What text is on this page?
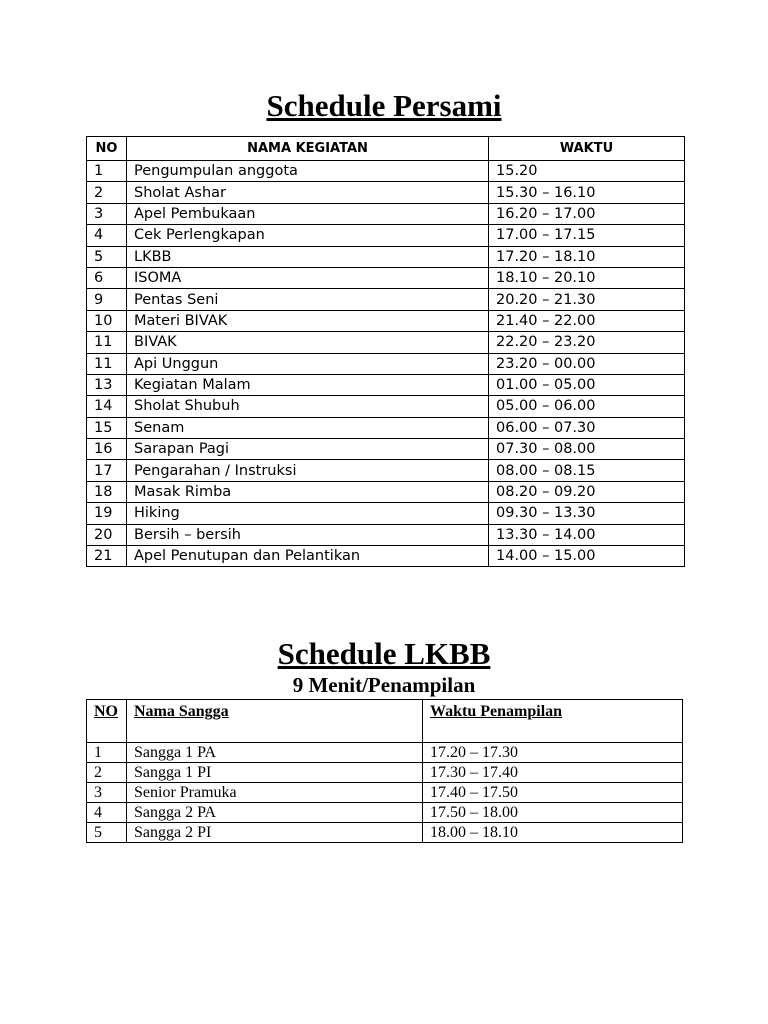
Schedule Persami
NO	NAMA KEGIATAN	WAKTU
1	Pengumpulan anggota	15.20
2	Sholat Ashar	15.30 – 16.10
3	Apel Pembukaan	16.20 – 17.00
4	Cek Perlengkapan	17.00 – 17.15
5	LKBB	17.20 – 18.10
6	ISOMA	18.10 – 20.10
9	Pentas Seni	20.20 – 21.30
10	Materi BIVAK	21.40 – 22.00
11	BIVAK	22.20 – 23.20
11	Api Unggun	23.20 – 00.00
13	Kegiatan Malam	01.00 – 05.00
14	Sholat Shubuh	05.00 – 06.00
15	Senam	06.00 – 07.30
16	Sarapan Pagi	07.30 – 08.00
17	Pengarahan / Instruksi	08.00 – 08.15
18	Masak Rimba	08.20 – 09.20
19	Hiking	09.30 – 13.30
20	Bersih – bersih	13.30 – 14.00
21	Apel Penutupan dan Pelantikan	14.00 – 15.00
Schedule LKBB
9 Menit/Penampilan
NO	Nama Sangga	Waktu Penampilan
1	Sangga 1 PA	17.20 – 17.30
2	Sangga 1 PI	17.30 – 17.40
3	Senior Pramuka	17.40 – 17.50
4	Sangga 2 PA	17.50 – 18.00
5	Sangga 2 PI	18.00 – 18.10
